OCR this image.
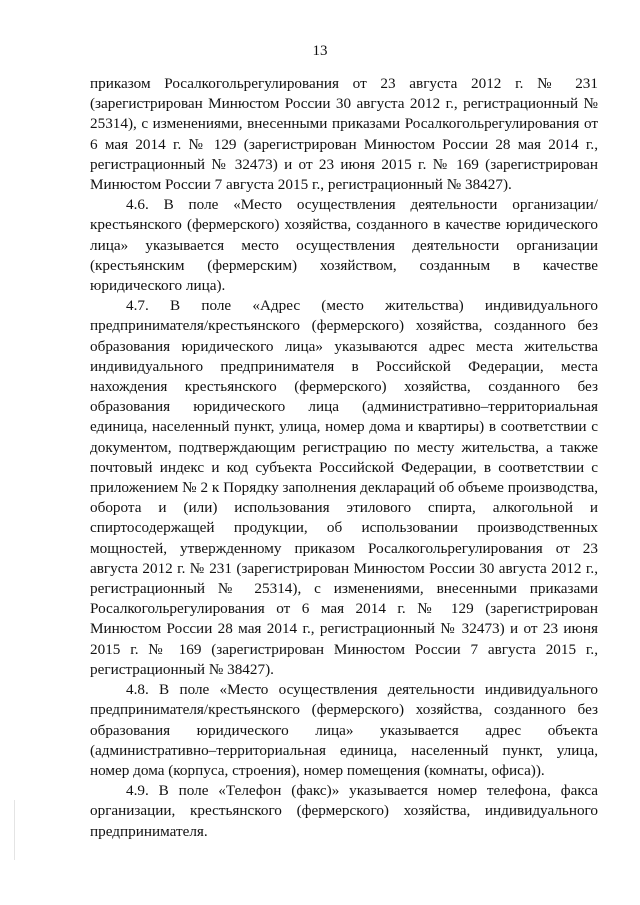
13

приказом Росалкогольрегулирования от 23 августа 2012 г. № 231 (зарегистрирован Минюстом России 30 августа 2012 г., регистрационный № 25314), с изменениями, внесенными приказами Росалкогольрегулирования от 6 мая 2014 г. № 129 (зарегистрирован Минюстом России 28 мая 2014 г., регистрационный № 32473) и от 23 июня 2015 г. № 169 (зарегистрирован Минюстом России 7 августа 2015 г., регистрационный № 38427).

4.6. В поле «Место осуществления деятельности организации/крестьянского (фермерского) хозяйства, созданного в качестве юридического лица» указывается место осуществления деятельности организации (крестьянским (фермерским) хозяйством, созданным в качестве юридического лица).

4.7. В поле «Адрес (место жительства) индивидуального предпринимателя/крестьянского (фермерского) хозяйства, созданного без образования юридического лица» указываются адрес места жительства индивидуального предпринимателя в Российской Федерации, места нахождения крестьянского (фермерского) хозяйства, созданного без образования юридического лица (административно–территориальная единица, населенный пункт, улица, номер дома и квартиры) в соответствии с документом, подтверждающим регистрацию по месту жительства, а также почтовый индекс и код субъекта Российской Федерации, в соответствии с приложением № 2 к Порядку заполнения деклараций об объеме производства, оборота и (или) использования этилового спирта, алкогольной и спиртосодержащей продукции, об использовании производственных мощностей, утвержденному приказом Росалкогольрегулирования от 23 августа 2012 г. № 231 (зарегистрирован Минюстом России 30 августа 2012 г., регистрационный № 25314), с изменениями, внесенными приказами Росалкогольрегулирования от 6 мая 2014 г. № 129 (зарегистрирован Минюстом России 28 мая 2014 г., регистрационный № 32473) и от 23 июня 2015 г. № 169 (зарегистрирован Минюстом России 7 августа 2015 г., регистрационный № 38427).

4.8. В поле «Место осуществления деятельности индивидуального предпринимателя/крестьянского (фермерского) хозяйства, созданного без образования юридического лица» указывается адрес объекта (административно–территориальная единица, населенный пункт, улица, номер дома (корпуса, строения), номер помещения (комнаты, офиса)).

4.9. В поле «Телефон (факс)» указывается номер телефона, факса организации, крестьянского (фермерского) хозяйства, индивидуального предпринимателя.
